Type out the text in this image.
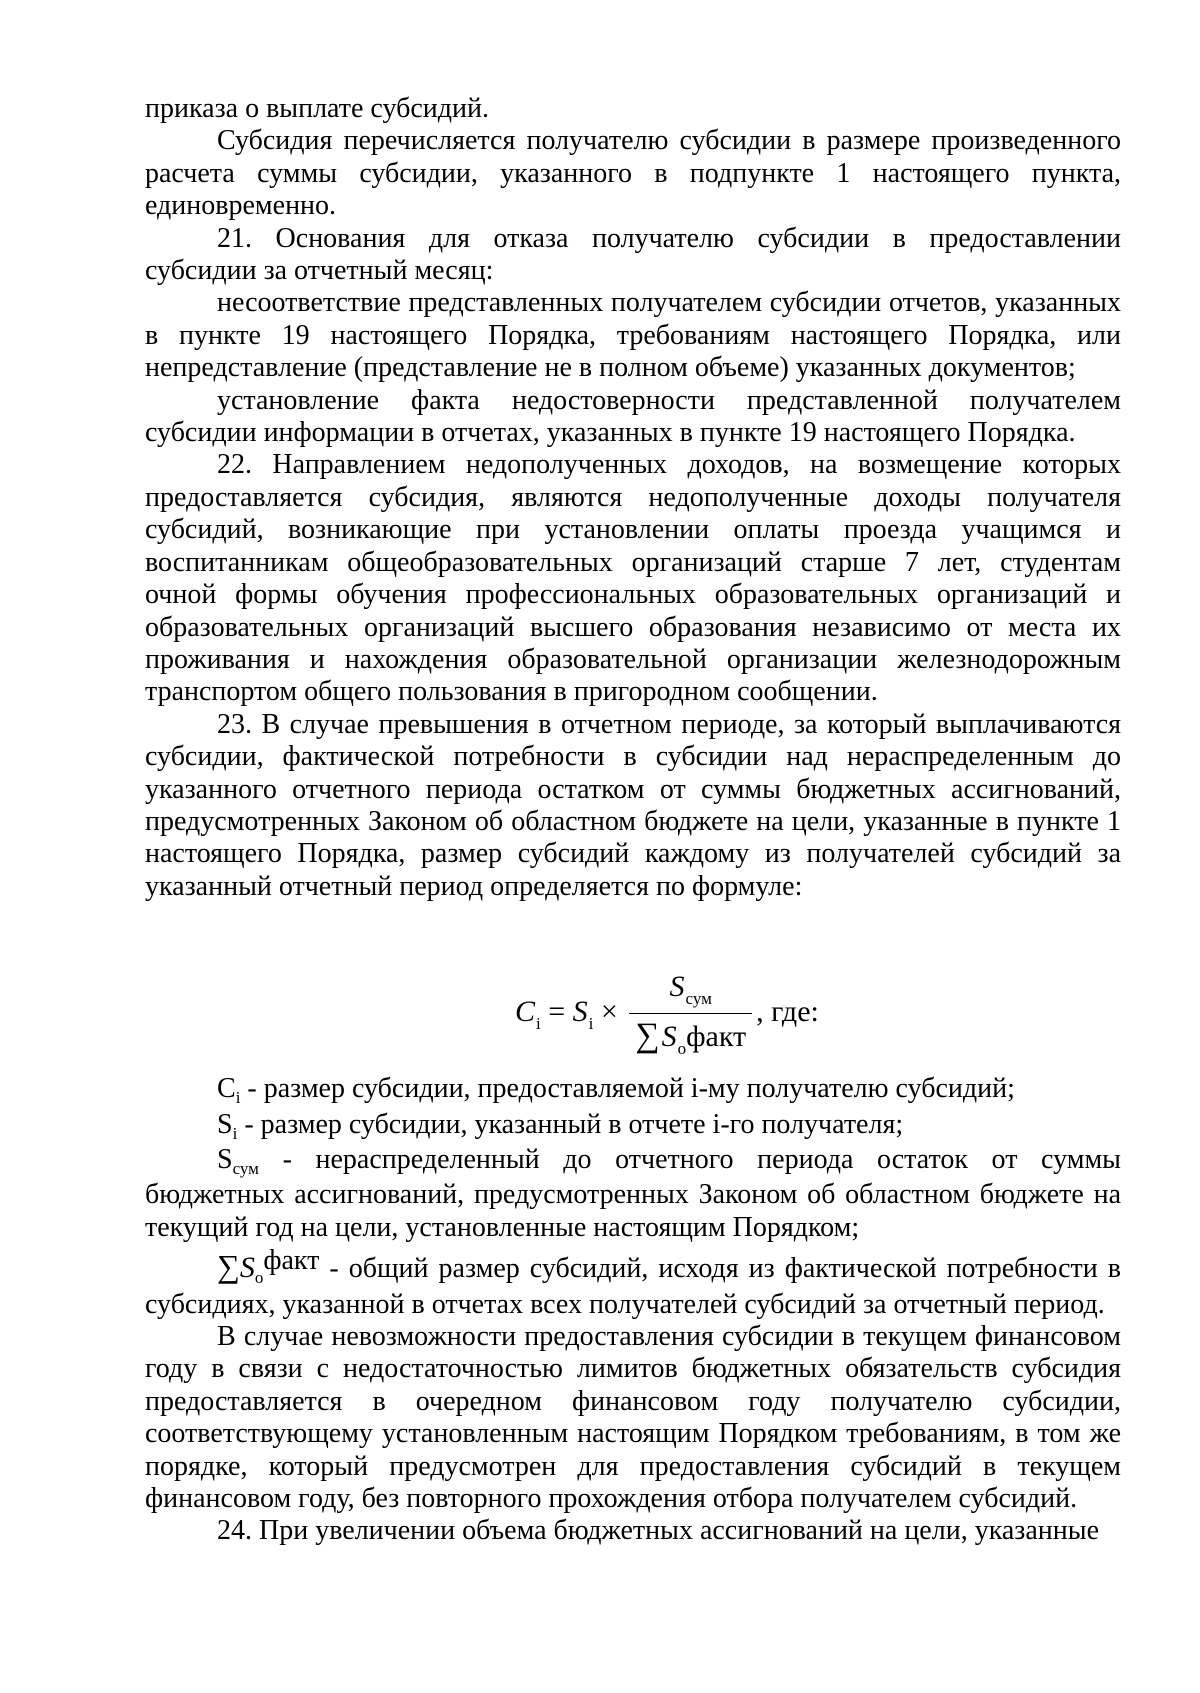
приказа о выплате субсидий.

Субсидия перечисляется получателю субсидии в размере произведенного расчета суммы субсидии, указанного в подпункте 1 настоящего пункта, единовременно.

21. Основания для отказа получателю субсидии в предоставлении субсидии за отчетный месяц:

несоответствие представленных получателем субсидии отчетов, указанных в пункте 19 настоящего Порядка, требованиям настоящего Порядка, или непредставление (представление не в полном объеме) указанных документов;

установление факта недостоверности представленной получателем субсидии информации в отчетах, указанных в пункте 19 настоящего Порядка.

22. Направлением недополученных доходов, на возмещение которых предоставляется субсидия, являются недополученные доходы получателя субсидий, возникающие при установлении оплаты проезда учащимся и воспитанникам общеобразовательных организаций старше 7 лет, студентам очной формы обучения профессиональных образовательных организаций и образовательных организаций высшего образования независимо от места их проживания и нахождения образовательной организации железнодорожным транспортом общего пользования в пригородном сообщении.

23. В случае превышения в отчетном периоде, за который выплачиваются субсидии, фактической потребности в субсидии над нераспределенным до указанного отчетного периода остатком от суммы бюджетных ассигнований, предусмотренных Законом об областном бюджете на цели, указанные в пункте 1 настоящего Порядка, размер субсидий каждому из получателей субсидий за указанный отчетный период определяется по формуле:

$C_i = S_i \times \frac{S_{сум}}{\sum S_офакт}$ , где:

$C_i$ - размер субсидии, предоставляемой i-му получателю субсидий;

$S_i$ - размер субсидии, указанный в отчете i-го получателя;

$S_{сум}$ - нераспределенный до отчетного периода остаток от суммы бюджетных ассигнований, предусмотренных Законом об областном бюджете на текущий год на цели, установленные настоящим Порядком;

$\sum S_офакт$ - общий размер субсидий, исходя из фактической потребности в субсидиях, указанной в отчетах всех получателей субсидий за отчетный период.

В случае невозможности предоставления субсидии в текущем финансовом году в связи с недостаточностью лимитов бюджетных обязательств субсидия предоставляется в очередном финансовом году получателю субсидии, соответствующему установленным настоящим Порядком требованиям, в том же порядке, который предусмотрен для предоставления субсидий в текущем финансовом году, без повторного прохождения отбора получателем субсидий.

24. При увеличении объема бюджетных ассигнований на цели, указанные
